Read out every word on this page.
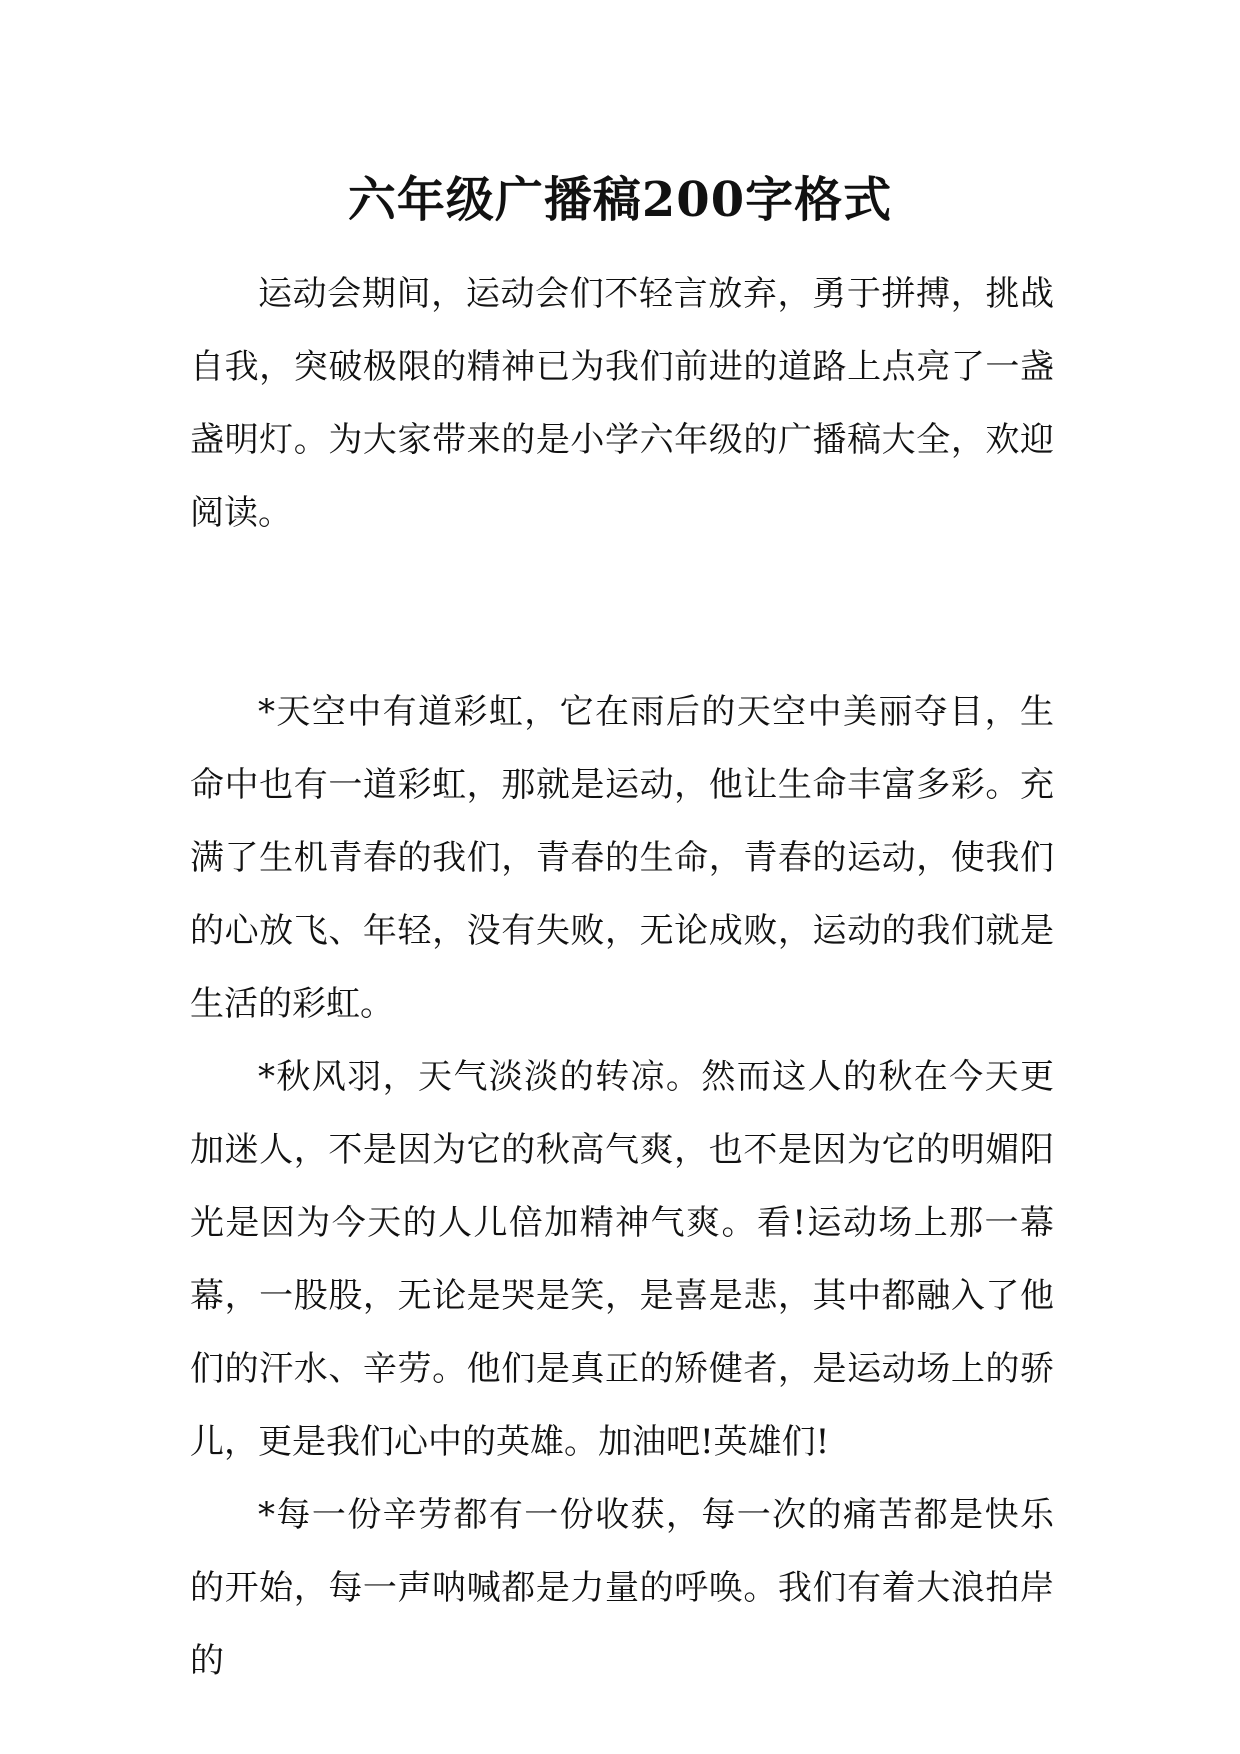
六年级广播稿200字格式

运动会期间，运动会们不轻言放弃，勇于拼搏，挑战自我，突破极限的精神已为我们前进的道路上点亮了一盏盏明灯。为大家带来的是小学六年级的广播稿大全，欢迎阅读。

*天空中有道彩虹，它在雨后的天空中美丽夺目，生命中也有一道彩虹，那就是运动，他让生命丰富多彩。充满了生机青春的我们，青春的生命，青春的运动，使我们的心放飞、年轻，没有失败，无论成败，运动的我们就是生活的彩虹。

*秋风羽，天气淡淡的转凉。然而这人的秋在今天更加迷人，不是因为它的秋高气爽，也不是因为它的明媚阳光是因为今天的人儿倍加精神气爽。看!运动场上那一幕幕，一股股，无论是哭是笑，是喜是悲，其中都融入了他们的汗水、辛劳。他们是真正的矫健者，是运动场上的骄儿，更是我们心中的英雄。加油吧!英雄们!

*每一份辛劳都有一份收获，每一次的痛苦都是快乐的开始，每一声呐喊都是力量的呼唤。我们有着大浪拍岸的
